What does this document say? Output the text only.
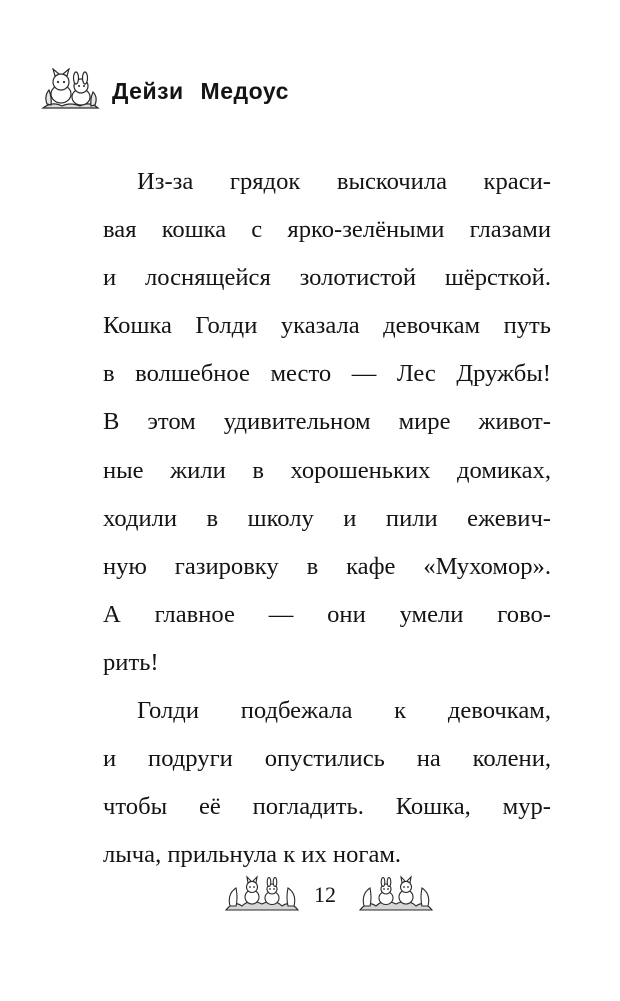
Дейзи Медоус
Из-за грядок выскочила краси-
вая кошка с ярко-зелёными глазами
и лоснящейся золотистой шёрсткой.
Кошка Голди указала девочкам путь
в волшебное место — Лес Дружбы!
В этом удивительном мире живот-
ные жили в хорошеньких домиках,
ходили в школу и пили ежевич-
ную газировку в кафе «Мухомор».
А главное — они умели гово-
рить!
Голди подбежала к девочкам,
и подруги опустились на колени,
чтобы её погладить. Кошка, мур-
лыча, прильнула к их ногам.
12
